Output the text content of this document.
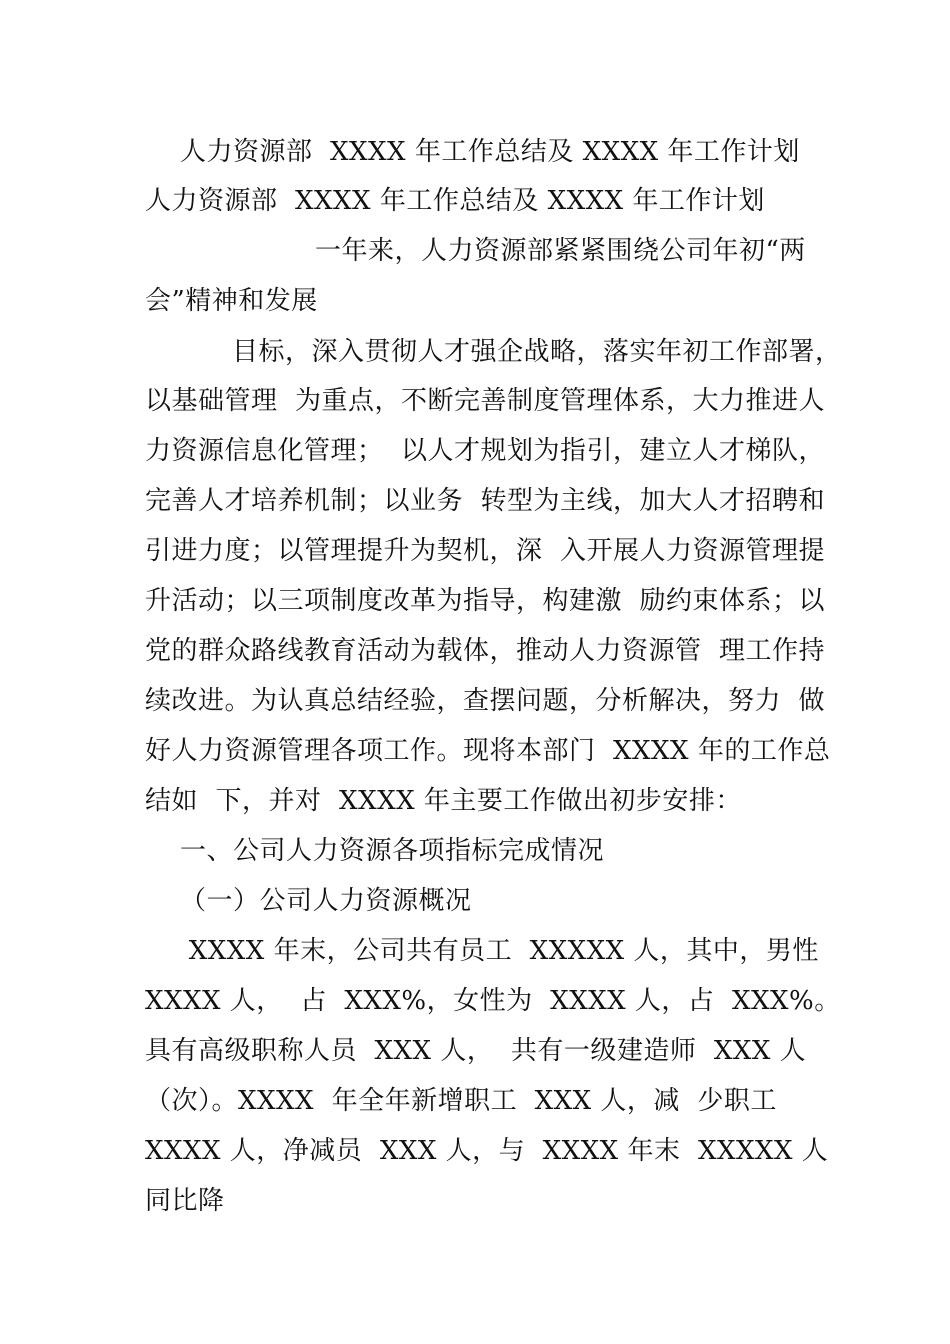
人力资源部  XXXX 年工作总结及 XXXX 年工作计划
人力资源部  XXXX 年工作总结及 XXXX 年工作计划
一年来，人力资源部紧紧围绕公司年初“两
会”精神和发展
目标，深入贯彻人才强企战略，落实年初工作部署，
以基础管理  为重点，不断完善制度管理体系，大力推进人
力资源信息化管理；  以人才规划为指引，建立人才梯队，
完善人才培养机制；以业务  转型为主线，加大人才招聘和
引进力度；以管理提升为契机，深  入开展人力资源管理提
升活动；以三项制度改革为指导，构建激  励约束体系；以
党的群众路线教育活动为载体，推动人力资源管  理工作持
续改进。为认真总结经验，查摆问题，分析解决，努力  做
好人力资源管理各项工作。现将本部门  XXXX 年的工作总
结如  下，并对  XXXX 年主要工作做出初步安排：
一、公司人力资源各项指标完成情况
（一）公司人力资源概况
XXXX 年末，公司共有员工  XXXXX 人，其中，男性
XXXX 人，  占  XXX%，女性为  XXXX 人，占  XXX%。
具有高级职称人员  XXX 人，  共有一级建造师  XXX 人
（次）。XXXX  年全年新增职工  XXX 人，减  少职工
XXXX 人，净减员  XXX 人，与  XXXX 年末  XXXXX 人
同比降
